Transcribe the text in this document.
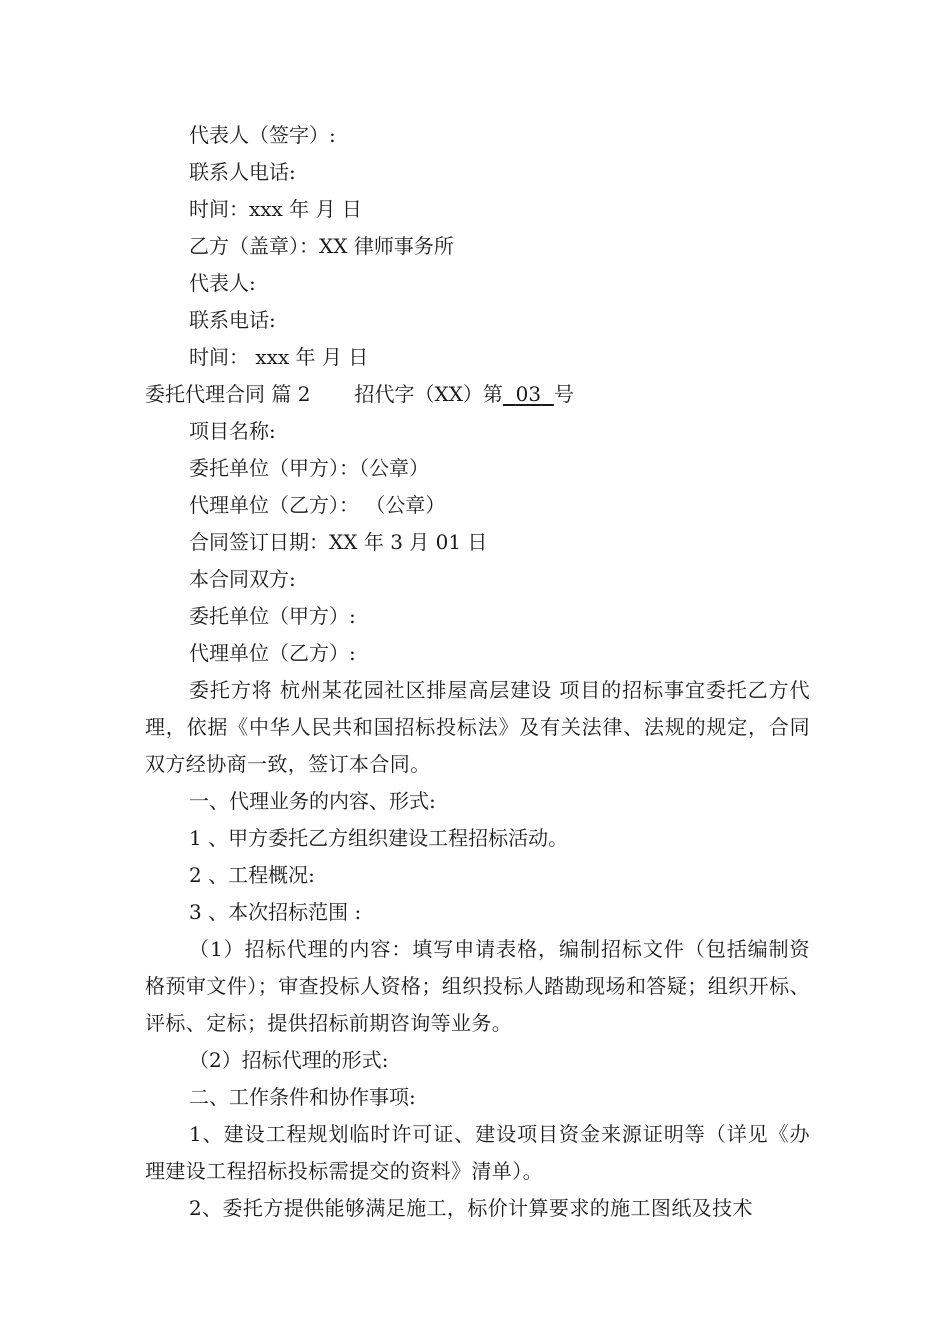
代表人（签字）:
联系人电话:
时间：xxx 年 月 日
乙方（盖章）：XX 律师事务所
代表人:
联系电话:
时间： xxx 年 月 日
委托代理合同 篇 2 招代字（XX）第 03 号
项目名称:
委托单位（甲方）：（公章）
代理单位（乙方）： （公章）
合同签订日期：XX 年 3 月 01 日
本合同双方:
委托单位（甲方）:
代理单位（乙方）:
委托方将 杭州某花园社区排屋高层建设 项目的招标事宜委托乙方代理，依据《中华人民共和国招标投标法》及有关法律、法规的规定，合同双方经协商一致，签订本合同。
一、代理业务的内容、形式:
1 、甲方委托乙方组织建设工程招标活动。
2 、工程概况:
3 、本次招标范围 :
（1）招标代理的内容：填写申请表格，编制招标文件（包括编制资格预审文件）；审查投标人资格；组织投标人踏勘现场和答疑；组织开标、评标、定标；提供招标前期咨询等业务。
（2）招标代理的形式:
二、工作条件和协作事项:
1、建设工程规划临时许可证、建设项目资金来源证明等（详见《办理建设工程招标投标需提交的资料》清单）。
2、委托方提供能够满足施工，标价计算要求的施工图纸及技术
